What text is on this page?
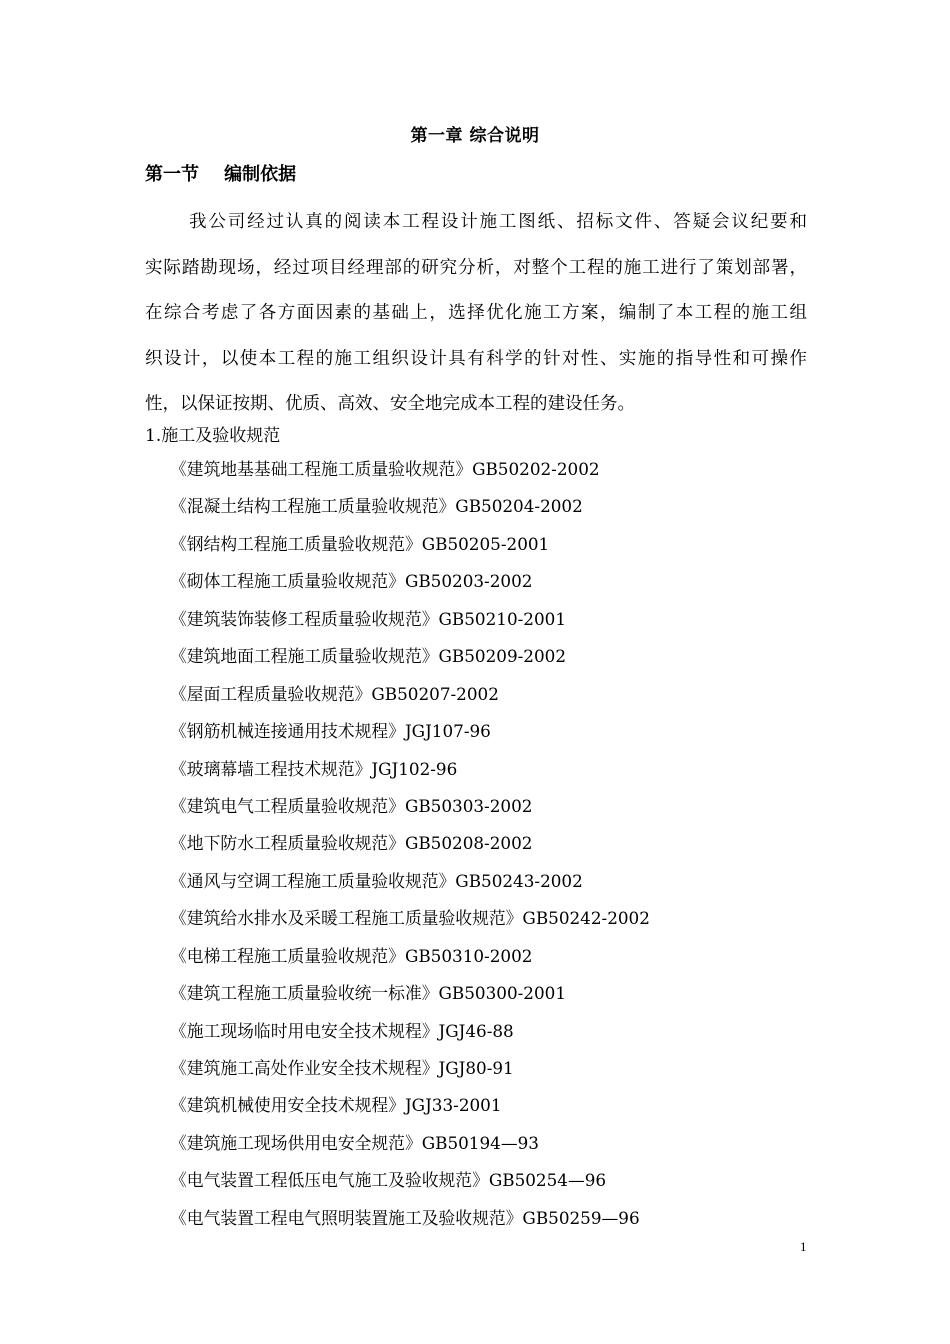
第一章 综合说明
第一节    编制依据
我公司经过认真的阅读本工程设计施工图纸、招标文件、答疑会议纪要和
实际踏勘现场，经过项目经理部的研究分析，对整个工程的施工进行了策划部署，
在综合考虑了各方面因素的基础上，选择优化施工方案，编制了本工程的施工组
织设计，以使本工程的施工组织设计具有科学的针对性、实施的指导性和可操作
性，以保证按期、优质、高效、安全地完成本工程的建设任务。
1.施工及验收规范
《建筑地基基础工程施工质量验收规范》GB50202-2002
《混凝土结构工程施工质量验收规范》GB50204-2002
《钢结构工程施工质量验收规范》GB50205-2001
《砌体工程施工质量验收规范》GB50203-2002
《建筑装饰装修工程质量验收规范》GB50210-2001
《建筑地面工程施工质量验收规范》GB50209-2002
《屋面工程质量验收规范》GB50207-2002
《钢筋机械连接通用技术规程》JGJ107-96
《玻璃幕墙工程技术规范》JGJ102-96
《建筑电气工程质量验收规范》GB50303-2002
《地下防水工程质量验收规范》GB50208-2002
《通风与空调工程施工质量验收规范》GB50243-2002
《建筑给水排水及采暖工程施工质量验收规范》GB50242-2002
《电梯工程施工质量验收规范》GB50310-2002
《建筑工程施工质量验收统一标准》GB50300-2001
《施工现场临时用电安全技术规程》JGJ46-88
《建筑施工高处作业安全技术规程》JGJ80-91
《建筑机械使用安全技术规程》JGJ33-2001
《建筑施工现场供用电安全规范》GB50194—93
《电气装置工程低压电气施工及验收规范》GB50254—96
《电气装置工程电气照明装置施工及验收规范》GB50259—96
1
